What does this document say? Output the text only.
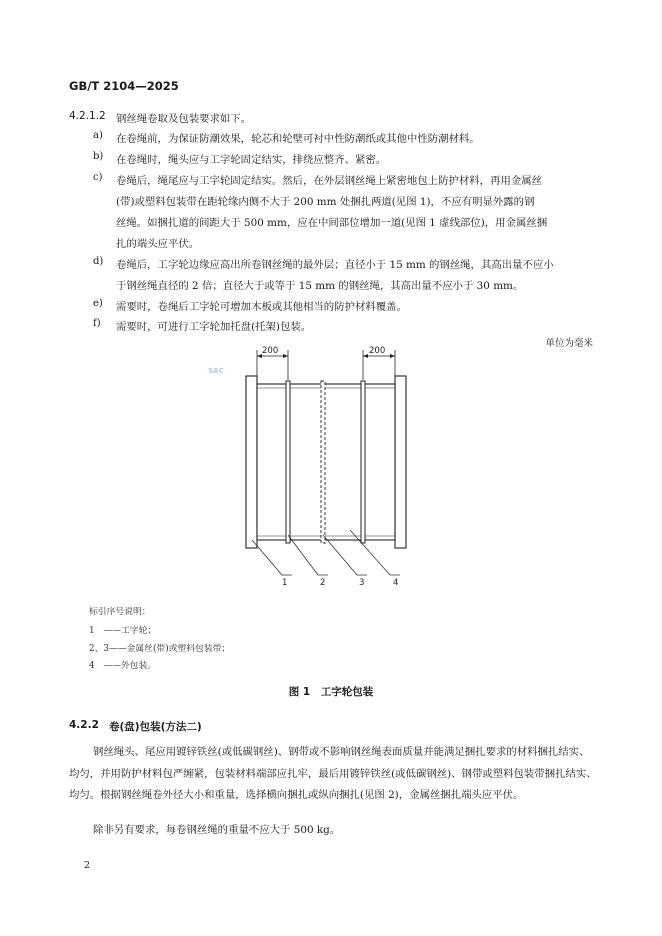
GB/T 2104—2025
4.2.1.2 钢丝绳卷取及包装要求如下。
a) 在卷绳前，为保证防潮效果，轮芯和轮壁可衬中性防潮纸或其他中性防潮材料。
b) 在卷绳时，绳头应与工字轮固定结实，排绕应整齐、紧密。
c) 卷绳后，绳尾应与工字轮固定结实。然后，在外层钢丝绳上紧密地包上防护材料，再用金属丝
(带)或塑料包装带在距轮缘内侧不大于 200 mm 处捆扎两道(见图 1)，不应有明显外露的钢
丝绳。如捆扎道的间距大于 500 mm，应在中间部位增加一道(见图 1 虚线部位)，用金属丝捆
扎的端头应平伏。
d) 卷绳后，工字轮边缘应高出所卷钢丝绳的最外层；直径小于 15 mm 的钢丝绳，其高出量不应小
于钢丝绳直径的 2 倍；直径大于或等于 15 mm 的钢丝绳，其高出量不应小于 30 mm。
e) 需要时，卷绳后工字轮可增加木板或其他相当的防护材料覆盖。
f) 需要时，可进行工字轮加托盘(托架)包装。
单位为毫米
SAC
200	200
1	2	3	4
标引序号说明：
1　——工字轮；
2、3——金属丝(带)或塑料包装带；
4　——外包装。
图 1　工字轮包装
4.2.2 卷(盘)包装(方法二)
钢丝绳头、尾应用镀锌铁丝(或低碳钢丝)、钢带或不影响钢丝绳表面质量并能满足捆扎要求的材料捆扎结实、均匀，并用防护材料包严缠紧，包装材料端部应扎牢，最后用镀锌铁丝(或低碳钢丝)、钢带或塑料包装带捆扎结实、均匀。根据钢丝绳卷外径大小和重量，选择横向捆扎或纵向捆扎(见图 2)，金属丝捆扎端头应平伏。
除非另有要求，每卷钢丝绳的重量不应大于 500 kg。
2
